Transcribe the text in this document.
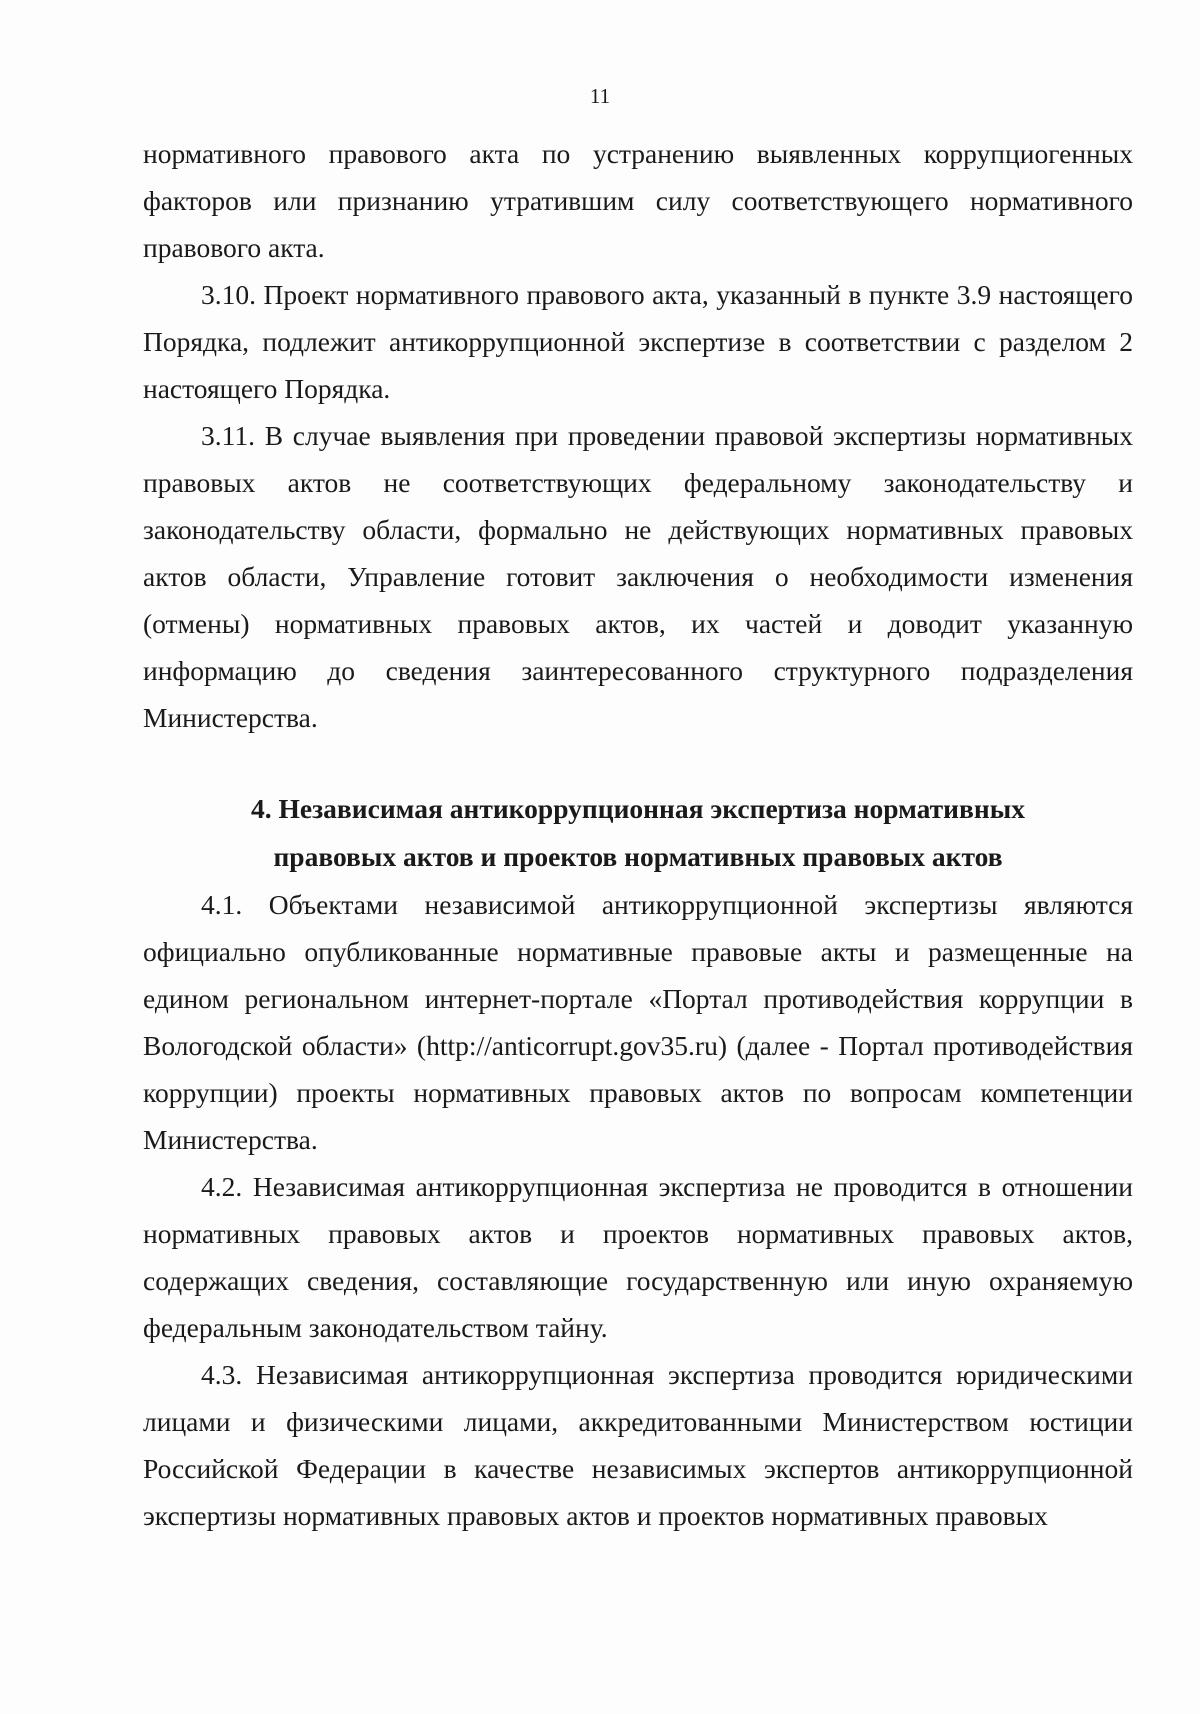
11

нормативного правового акта по устранению выявленных коррупциогенных факторов или признанию утратившим силу соответствующего нормативного правового акта.

3.10. Проект нормативного правового акта, указанный в пункте 3.9 настоящего Порядка, подлежит антикоррупционной экспертизе в соответствии с разделом 2 настоящего Порядка.

3.11. В случае выявления при проведении правовой экспертизы нормативных правовых актов не соответствующих федеральному законодательству и законодательству области, формально не действующих нормативных правовых актов области, Управление готовит заключения о необходимости изменения (отмены) нормативных правовых актов, их частей и доводит указанную информацию до сведения заинтересованного структурного подразделения Министерства.

4. Независимая антикоррупционная экспертиза нормативных
правовых актов и проектов нормативных правовых актов

4.1. Объектами независимой антикоррупционной экспертизы являются официально опубликованные нормативные правовые акты и размещенные на едином региональном интернет-портале «Портал противодействия коррупции в Вологодской области» (http://anticorrupt.gov35.ru) (далее - Портал противодействия коррупции) проекты нормативных правовых актов по вопросам компетенции Министерства.

4.2. Независимая антикоррупционная экспертиза не проводится в отношении нормативных правовых актов и проектов нормативных правовых актов, содержащих сведения, составляющие государственную или иную охраняемую федеральным законодательством тайну.

4.3. Независимая антикоррупционная экспертиза проводится юридическими лицами и физическими лицами, аккредитованными Министерством юстиции Российской Федерации в качестве независимых экспертов антикоррупционной экспертизы нормативных правовых актов и проектов нормативных правовых
